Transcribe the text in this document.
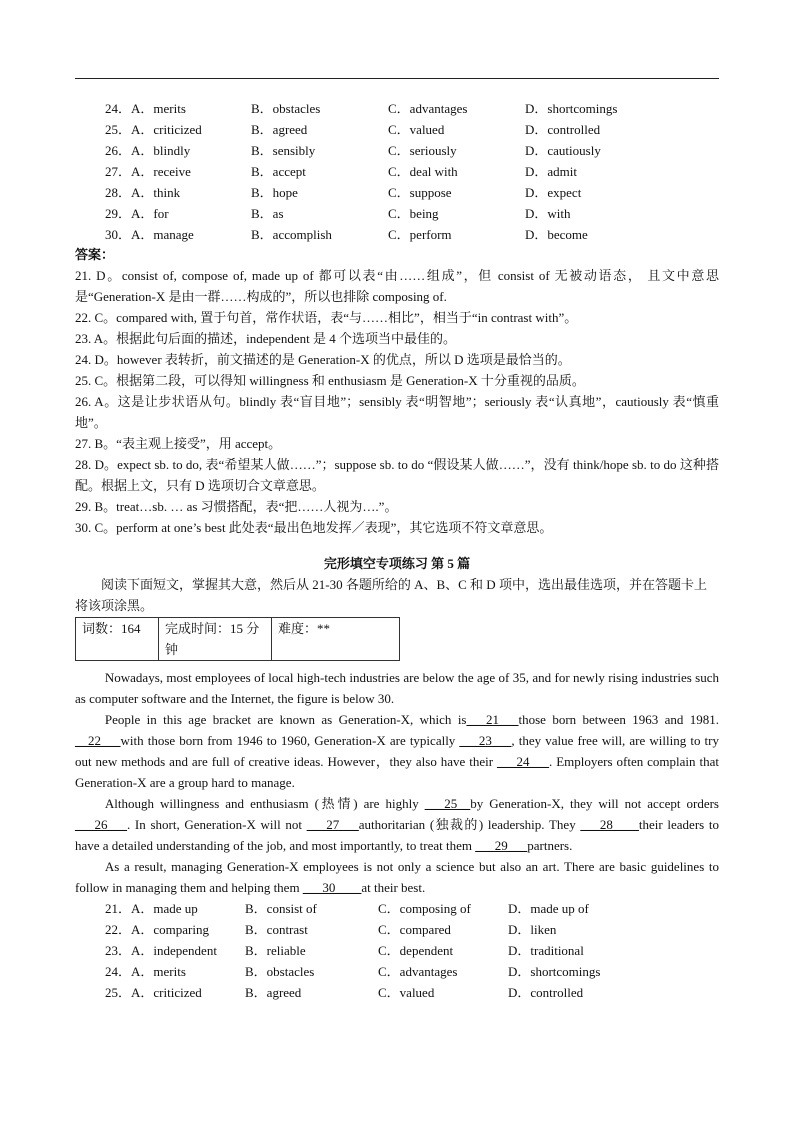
24．A．merits	B．obstacles	C．advantages	D．shortcomings
25．A．criticized	B．agreed	C．valued	D．controlled
26．A．blindly	B．sensibly	C．seriously	D．cautiously
27．A．receive	B．accept	C．deal with	D．admit
28．A．think	B．hope	C．suppose	D．expect
29．A．for	B．as	C．being	D．with
30．A．manage	B．accomplish	C．perform	D．become
答案：
21. D。consist of, compose of, made up of 都可以表“由……组成”，但 consist of 无被动语态， 且文中意思是“Generation-X 是由一群……构成的”，所以也排除 composing of.
22. C。compared with, 置于句首，常作状语，表“与……相比”，相当于“in contrast with”。
23. A。根据此句后面的描述，independent 是 4 个选项当中最佳的。
24. D。however 表转折，前文描述的是 Generation-X 的优点，所以 D 选项是最恰当的。
25. C。根据第二段，可以得知 willingness 和 enthusiasm 是 Generation-X 十分重视的品质。
26. A。这是让步状语从句。blindly 表“盲目地”；sensibly 表“明智地”；seriously 表“认真地”，cautiously 表“慎重地”。
27. B。“表主观上接受”，用 accept。
28. D。expect sb. to do, 表“希望某人做……”；suppose sb. to do “假设某人做……”，没有 think/hope sb. to do 这种搭配。根据上文，只有 D 选项切合文章意思。
29. B。treat…sb. … as 习惯搭配，表“把……人视为….”。
30. C。perform at one’s best 此处表“最出色地发挥／表现”，其它选项不符文章意思。
完形填空专项练习 第 5 篇
阅读下面短文，掌握其大意，然后从 21-30 各题所给的 A、B、C 和 D 项中，选出最佳选项，并在答题卡上将该项涂黑。
词数：164	完成时间：15 分钟	难度：**
Nowadays, most employees of local high-tech industries are below the age of 35, and for newly rising industries such as computer software and the Internet, the figure is below 30.
People in this age bracket are known as Generation-X, which is___21___those born between 1963 and 1981. __22___with those born from 1946 to 1960, Generation-X are typically ___23___, they value free will, are willing to try out new methods and are full of creative ideas. However，they also have their ___24___. Employers often complain that Generation-X are a group hard to manage.
Although willingness and enthusiasm (热情) are highly ___25__by Generation-X, they will not accept orders ___26___. In short, Generation-X will not ___27___authoritarian (独裁的) leadership. They ___28____their leaders to have a detailed understanding of the job, and most importantly, to treat them ___29___partners.
As a result, managing Generation-X employees is not only a science but also an art. There are basic guidelines to follow in managing them and helping them ___30____at their best.
21．A．made up	B．consist of	C．composing of	D．made up of
22．A．comparing	B．contrast	C．compared	D．liken
23．A．independent B．reliable	C．dependent	D．traditional
24．A．merits	B．obstacles	C．advantages	D．shortcomings
25．A．criticized	B．agreed	C．valued	D．controlled
